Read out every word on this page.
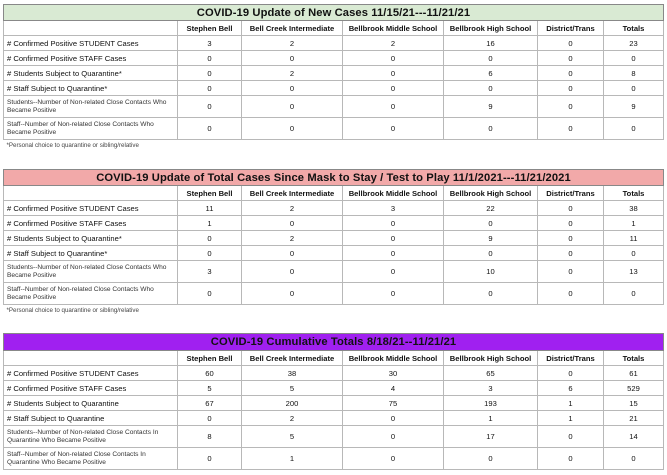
COVID-19 Update of New Cases 11/15/21---11/21/21						
	Stephen Bell	Bell Creek Intermediate	Bellbrook Middle School	Bellbrook High School	District/Trans	Totals
# Confirmed Positive STUDENT Cases	3	2	2	16	0	23
# Confirmed Positive STAFF Cases	0	0	0	0	0	0
# Students Subject to Quarantine*	0	2	0	6	0	8
# Staff Subject to Quarantine*	0	0	0	0	0	0
Students--Number of Non-related Close Contacts Who Became Positive	0	0	0	9	0	9
Staff--Number of Non-related Close Contacts Who Became Positive	0	0	0	0	0	0
*Personal choice to quarantine or sibling/relative						
COVID-19 Update of Total Cases Since Mask to Stay / Test to Play 11/1/2021---11/21/2021						
	Stephen Bell	Bell Creek Intermediate	Bellbrook Middle School	Bellbrook High School	District/Trans	Totals
# Confirmed Positive STUDENT Cases	11	2	3	22	0	38
# Confirmed Positive STAFF Cases	1	0	0	0	0	1
# Students Subject to Quarantine*	0	2	0	9	0	11
# Staff Subject to Quarantine*	0	0	0	0	0	0
Students--Number of Non-related Close Contacts Who Became Positive	3	0	0	10	0	13
Staff--Number of Non-related Close Contacts Who Became Positive	0	0	0	0	0	0
*Personal choice to quarantine or sibling/relative						
COVID-19 Cumulative Totals 8/18/21--11/21/21						
	Stephen Bell	Bell Creek Intermediate	Bellbrook Middle School	Bellbrook High School	District/Trans	Totals
# Confirmed Positive STUDENT Cases	60	38	30	65	0	61
# Confirmed Positive STAFF Cases	5	5	4	3	6	529
# Students Subject to Quarantine	67	200	75	193	1	15
# Staff Subject to Quarantine	0	2	0	1	1	21
Students--Number of Non-related Close Contacts In Quarantine Who Became Positive	8	5	0	17	0	14
Staff--Number of Non-related Close Contacts In Quarantine Who Became Positive	0	1	0	0	0	0
